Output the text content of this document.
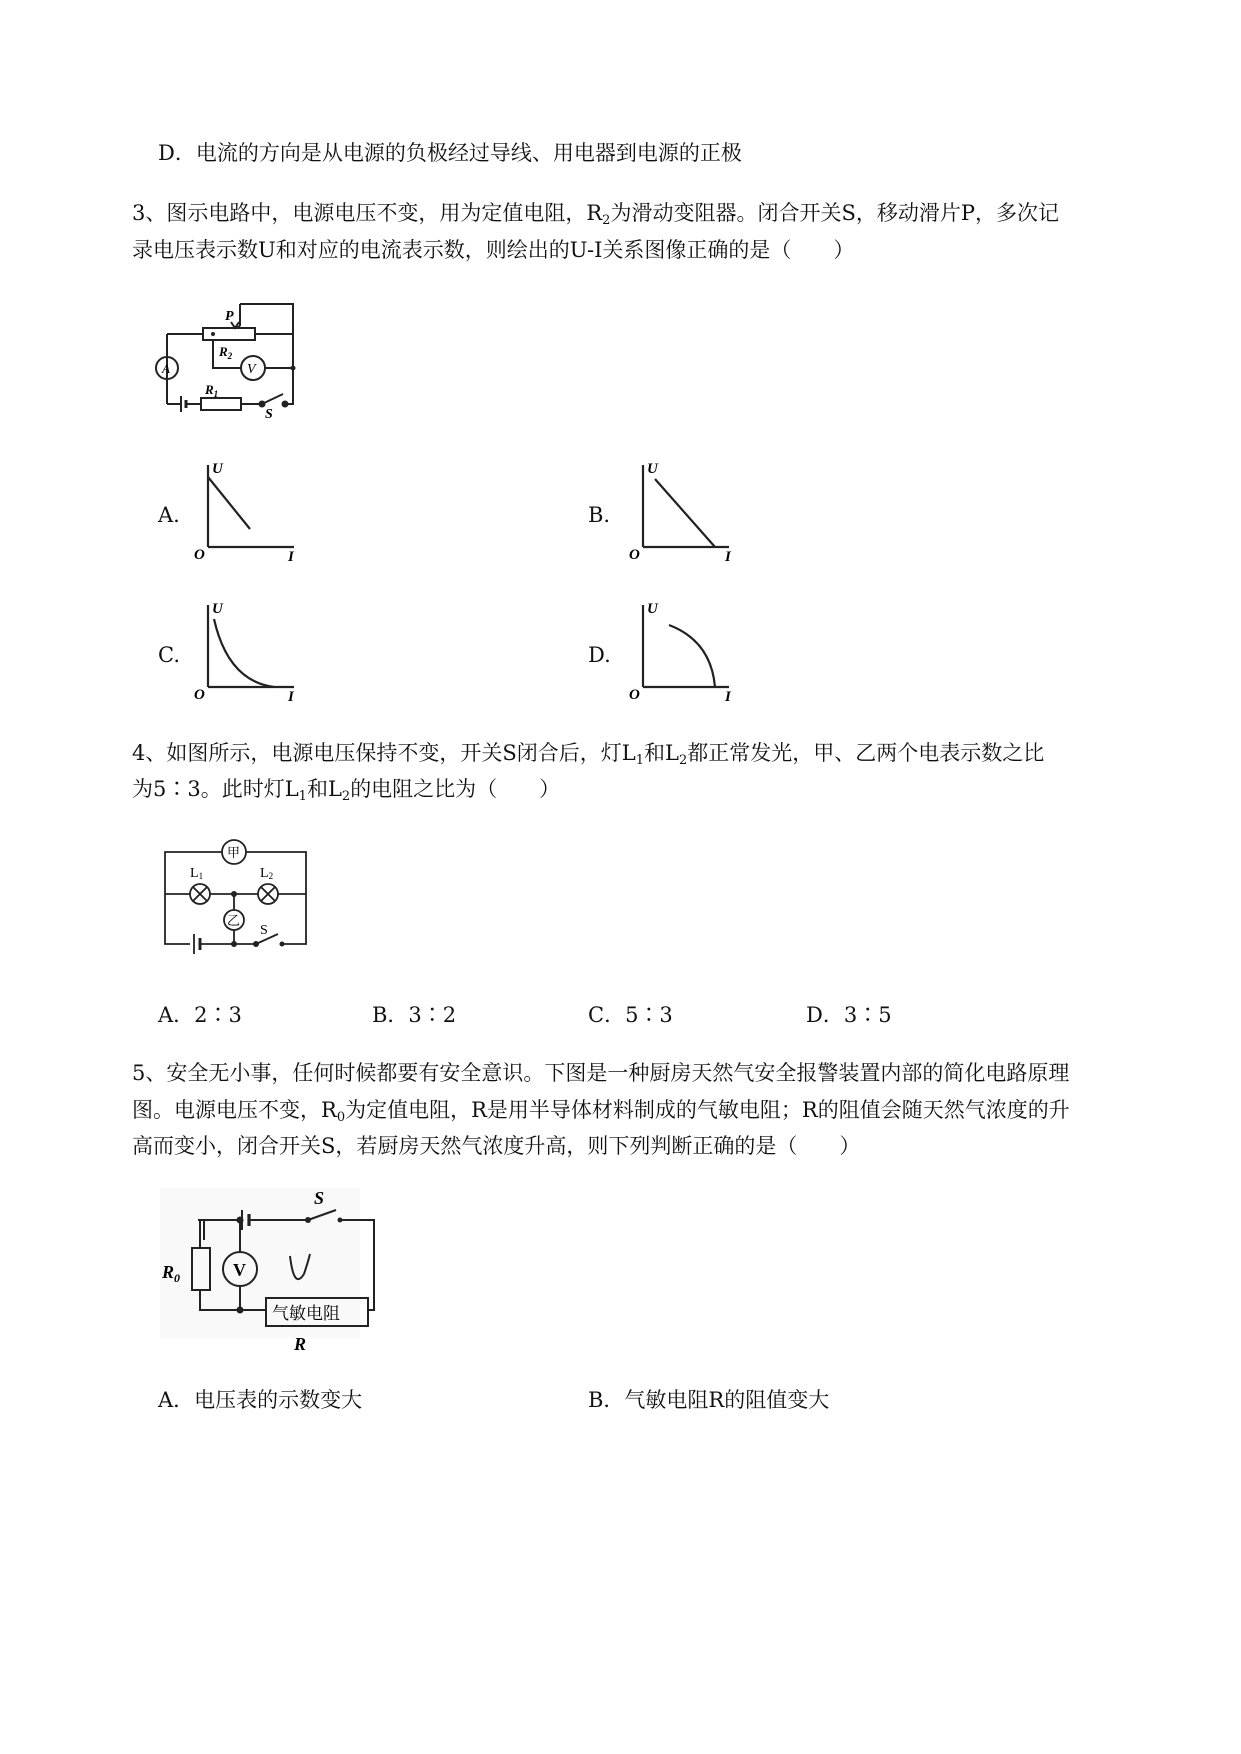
D．电流的方向是从电源的负极经过导线、用电器到电源的正极
3、图示电路中，电源电压不变，用为定值电阻，$R_2$为滑动变阻器。闭合开关S，移动滑片P，多次记
录电压表示数U和对应的电流表示数，则绘出的U-I关系图像正确的是（　　）
A	V
P
$R_2$
$R_1$
S
A.
U
O	I
B.
U
O	I
C.
U
O	I
D.
U
O	I
4、如图所示，电源电压保持不变，开关S闭合后，灯$L_1$和$L_2$都正常发光，甲、乙两个电表示数之比
为5∶3。此时灯$L_1$和$L_2$的电阻之比为（　　）
甲
乙
L1	L2
S
A．2∶3	B．3∶2	C．5∶3	D．3∶5
5、安全无小事，任何时候都要有安全意识。下图是一种厨房天然气安全报警装置内部的简化电路原理
图。电源电压不变，$R_0$为定值电阻，R是用半导体材料制成的气敏电阻；R的阻值会随天然气浓度的升
高而变小，闭合开关S，若厨房天然气浓度升高，则下列判断正确的是（　　）
S
$R_0$	V
气敏电阻
R
A．电压表的示数变大	B．气敏电阻R的阻值变大
